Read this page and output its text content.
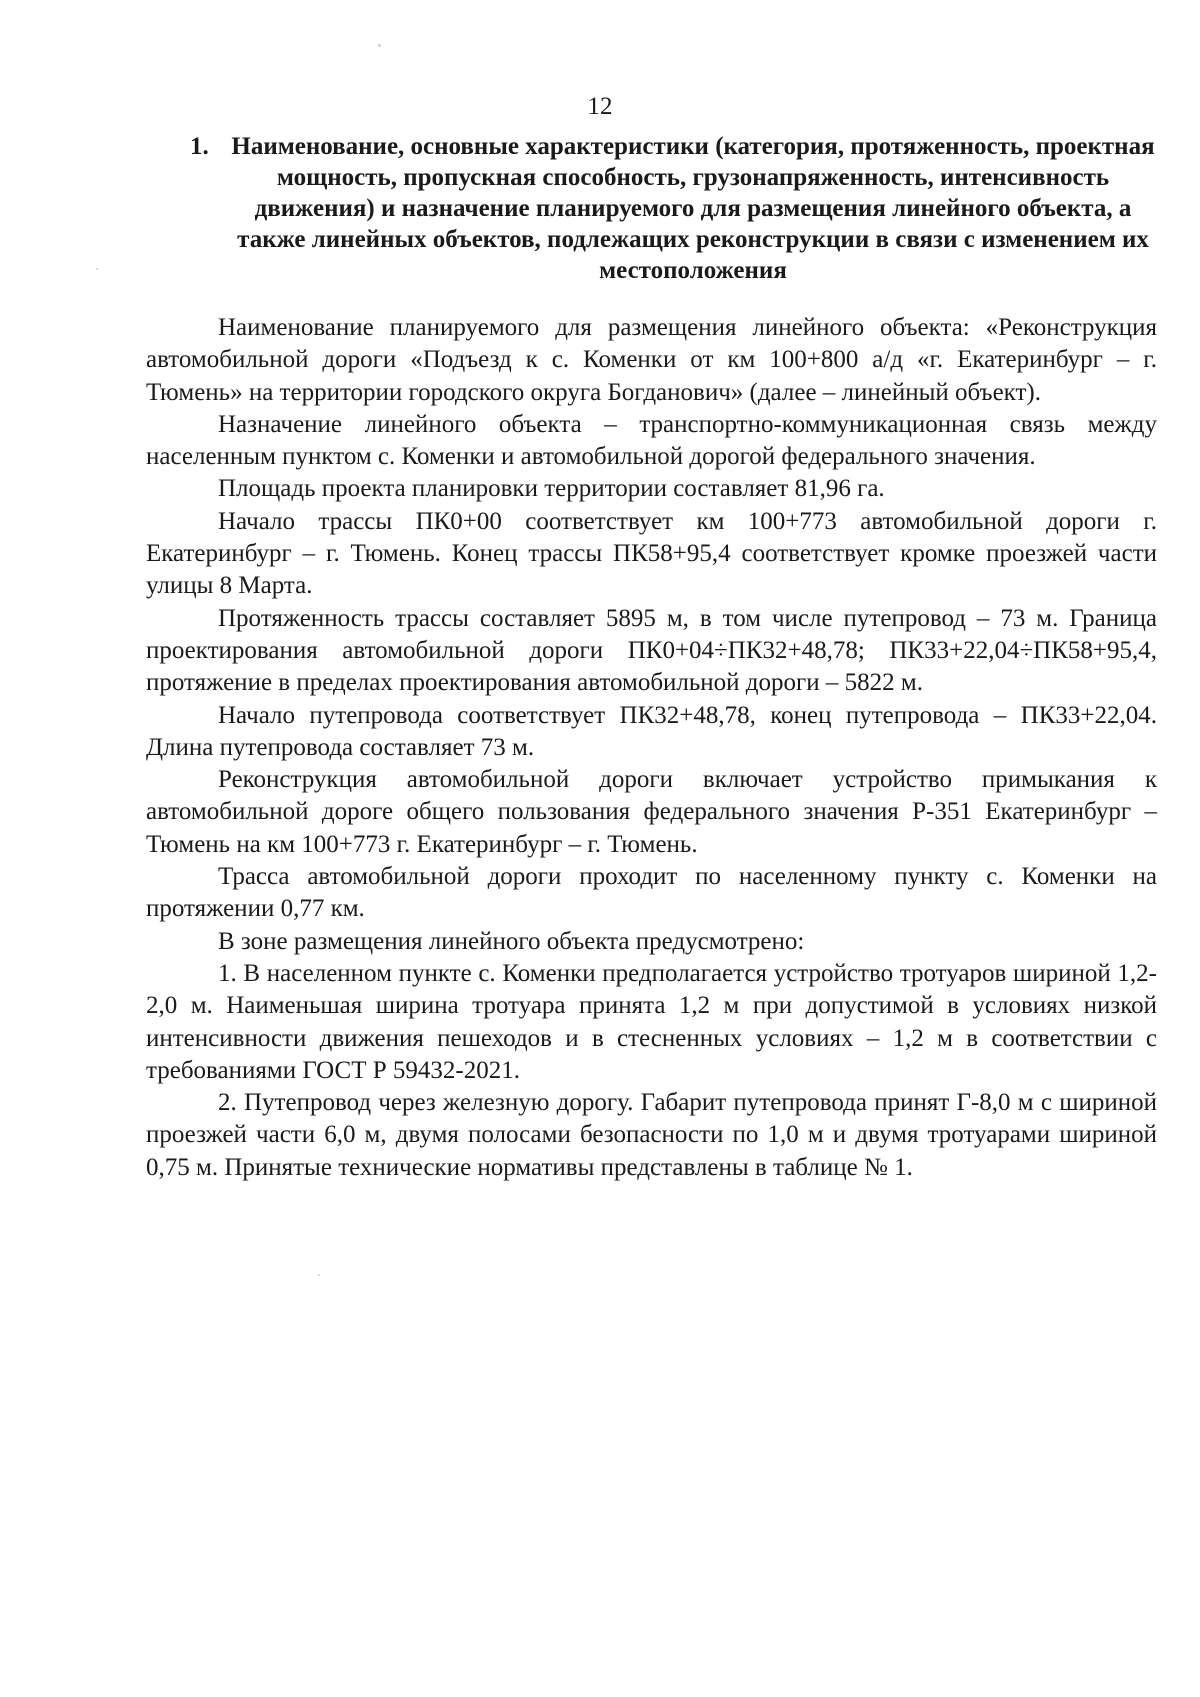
12
1. Наименование, основные характеристики (категория, протяженность, проектная мощность, пропускная способность, грузонапряженность, интенсивность движения) и назначение планируемого для размещения линейного объекта, а также линейных объектов, подлежащих реконструкции в связи с изменением их местоположения

Наименование планируемого для размещения линейного объекта: «Реконструкция автомобильной дороги «Подъезд к с. Коменки от км 100+800 а/д «г. Екатеринбург – г. Тюмень» на территории городского округа Богданович» (далее – линейный объект).

Назначение линейного объекта – транспортно-коммуникационная связь между населенным пунктом с. Коменки и автомобильной дорогой федерального значения.

Площадь проекта планировки территории составляет 81,96 га.

Начало трассы ПК0+00 соответствует км 100+773 автомобильной дороги г. Екатеринбург – г. Тюмень. Конец трассы ПК58+95,4 соответствует кромке проезжей части улицы 8 Марта.

Протяженность трассы составляет 5895 м, в том числе путепровод – 73 м. Граница проектирования автомобильной дороги ПК0+04÷ПК32+48,78; ПК33+22,04÷ПК58+95,4, протяжение в пределах проектирования автомобильной дороги – 5822 м.

Начало путепровода соответствует ПК32+48,78, конец путепровода – ПК33+22,04. Длина путепровода составляет 73 м.

Реконструкция автомобильной дороги включает устройство примыкания к автомобильной дороге общего пользования федерального значения Р-351 Екатеринбург – Тюмень на км 100+773 г. Екатеринбург – г. Тюмень.

Трасса автомобильной дороги проходит по населенному пункту с. Коменки на протяжении 0,77 км.

В зоне размещения линейного объекта предусмотрено:

1. В населенном пункте с. Коменки предполагается устройство тротуаров шириной 1,2-2,0 м. Наименьшая ширина тротуара принята 1,2 м при допустимой в условиях низкой интенсивности движения пешеходов и в стесненных условиях – 1,2 м в соответствии с требованиями ГОСТ Р 59432-2021.

2. Путепровод через железную дорогу. Габарит путепровода принят Г-8,0 м с шириной проезжей части 6,0 м, двумя полосами безопасности по 1,0 м и двумя тротуарами шириной 0,75 м. Принятые технические нормативы представлены в таблице № 1.
